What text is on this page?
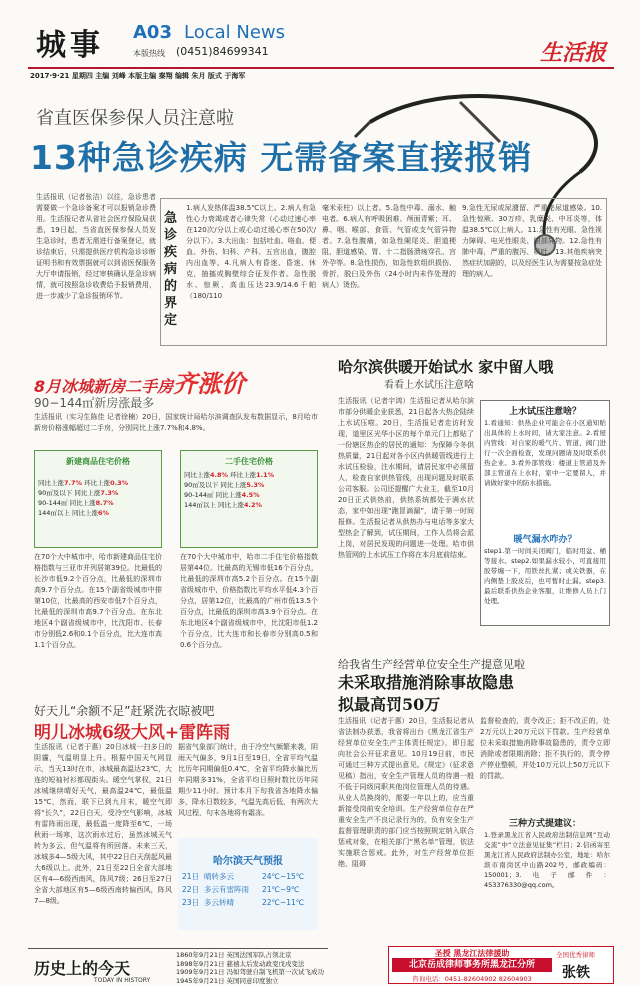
城事 A03 Local News
本版热线 (0451)84699341	生活报
2017·9·21 星期四 主编 刘峰 本版主编 秦翔 编辑 朱月 版式 于海军
省直医保参保人员注意啦
13种急诊疾病 无需备案直接报销
生活报讯（记者张洁）以往，急诊患者需要做一个急诊备案才可以报销急诊费用。生活报记者从省社会医疗保险局获悉，19日起，当省直医保参保人员发生急诊时，患者无需进行备案登记，就诊结束后，只需提供医疗机构急诊诊断证明书和有效票据就可以到省医保服务大厅申请报销，经过审核确认是急诊病情，就可按照急诊收费给予报销费用，进一步减少了急诊报销环节。
急诊疾病的界定
1.病人发热体温38.5℃以上。2.病人有急性心力衰竭或者心律失常（心动过速心率在120次/分以上或心动过缓心率在50次/分以下）。3.大出血：包括吐血、咯血、便血、外伤、妇科、产科、五官出血，腹腔内出血等。4.凡病人有昏迷、昏迷、休克，抽搐或胸壁综合征发作者。急性脱水、惊厥、高血压达23.9/14.6千帕（180/110
毫米汞柱）以上者。5.急性中毒、溺水、触电者。6.病人有呼吸困难、颅面青紫；耳、鼻、咽、喉部、食管、气管或支气管异物者。7.急性腹痛，如急性阑尾炎、胆道梗阻、胆道感染、胃、十二指肠溃疡穿孔、宫外孕等。8.急性损伤，如急性软组织损伤、骨折，脱臼及外伤（24小时内未作处理的病人）烫伤。
9.急性无尿或尿潴留、严重泌尿道感染。10.急性惊厥、30万疹、乳糜炎、中耳炎等，体温38.5℃以上病人。11.急性有光眼、急性视力障碍、电光性眼炎、眼部异物。12.急性有肺中毒，严重的腹泻、吸吐。13.其他疾病突然症状加剧的，以及经医生认为需要按急症处理的病人。
8月冰城新房二手房齐涨价
90−144㎡新房涨最多
生活报讯（实习生陈佳 记者徐楠）20日，国家统计局哈尔滨调查队发布数据显示，8月哈市新房价格涨幅超过二手房，分别同比上涨7.7%和4.8%。
新建商品住宅价格
同比上涨7.7% 环比上涨0.3%
90㎡及以下 同比上涨7.3%
90-144㎡ 同比上涨8.7%
144㎡以上 同比上涨6%
二手住宅价格
同比上涨4.8% 环比上涨1.1%
90㎡及以下 同比上涨5.3%
90-144㎡ 同比上涨4.5%
144㎡以上 同比上涨4.2%
在70个大中城市中，哈市新建商品住宅价格指数与三亚市并列居第39位。比最低的长沙市低9.2个百分点，比最低的深圳市高9.7个百分点。在15个副省级城市中排第10位，比最高的西安市低7个百分点，比最低的深圳市高9.7个百分点。在东北地区4个副省级城市中，比沈阳市、长春市分别低2.6和0.1个百分点，比大连市高1.1个百分点。
在70个大中城市中，哈市二手住宅价格指数居第44位。比最高的无锡市低16个百分点，比最低的深圳市高5.2个百分点。在15个副省级城市中，价格指数比平均水平低4.3个百分点，居第12位，比最高的广州市低13.5个百分点，比最低的深圳市高3.9个百分点。在东北地区4个副省级城市中，比沈阳市低1.2个百分点，比大连市和长春市分别高0.5和0.6个百分点。
哈尔滨供暖开始试水 家中留人哦
看看上水试压注意啥
生活报讯（记者宇鸿）生活报记者从哈尔滨市部分供暖企业获悉，21日起各大热企陆续上水试压啦。20日，生活报记者走访时发现，道里区光华小区的每个单元门上都贴了一份辖区热企的居民的通知：为保障今冬供热质量，21日起对各小区内供暖管线进行上水试压检验，注水期间，请居民家中必须留人，检查自家供热管线，出现问题及时联系公司客服。公司还提醒广大业主，截至10月20日正式供热前，供热系统都处于满水状态，家中如出现“跑冒滴漏”，请于第一时间报修。生活报记者从供热办与电话等多家大型热企了解到，试压期间，工作人员将会派上岗，对居民发现的问题进一处理。哈市供热管网的上水试压工作将在本月底前结束。
上水试压注意啥？
1.看通知：供热企业可能会在小区通知贴出具体的上水时间，请大家注意。2.看屋内管线：对自家的暖气片、管道、阀门进行一次全面检查，发现问题请及时联系供热企业。3.看外部管线：楼道主管道及外部主管道在上水时，家中一定要留人，并请做好家中的防水措施。
暖气漏水咋办？
step1.第一时间关闭阀门，临时用盆、桶等接水。step2.如果漏水较小，可直接用胶带缠一下，用铁丝扎紧；或关铁器，在内侧垫上胶皮后，也可暂时止漏。step3.最后联系供热企业客服，让维修人员上门处理。
好天儿“余额不足”赶紧洗衣晾被吧
明儿冰城6级大风+雷阵雨
生活报讯（记者于惠）20日冰城一扫多日的阴霾，气温明显上升。根据中国天气网显示，当天13时在市，冰城最高温达23℃，大连的短袖衬衫都现街头。暖空气掌权，21日冰城继续晴好天气，最高温24℃，最低温15℃，然而，联下已到九月末，暖空气即将“长久”，22日白天，受冷空气影响，冰城有雷阵雨出现，最低温一度降至6℃，一场秋雨一场寒，这次雨水过后，虽然冰城天气转为多云，但气温将有所回落。未来三天，冰城多4—5级大风，其中22日白天刮起风最大6级以上。此外，21日至22日全省大部地区有4—6级西南风，阵风7级；26日至27日全省大部地区有5—6级西南转偏西风，阵风7—8级。
据省气象部门统计，由于冷空气频繁来袭，阴雨天气偏多，9月1日至19日，全省平均气温比历年同期偏低0.4℃，全省平均降水偏比历年同期多31%，全省平均日照时数比历年同期少11小时。预计本月下旬我省各地降水偏多，降水日数较多，气温先高后低，有两次大风过程，句末各地将有霜冻。
哈尔滨天气预报
21日 晴转多云	24℃~15℃
22日 多云有雷阵雨 21℃~9℃
23日 多云转晴	22℃~11℃
给我省生产经营单位安全生产提意见啦
未采取措施消除事故隐患
拟最高罚50万
生活报讯（记者于惠）20日，生活报记者从省法制办获悉，我省将出台《黑龙江省生产经营单位安全生产主体责任规定》，即日起向社会公开征求意见。10月19日前，市民可通过三种方式提出意见。《规定》（征求意见稿）指出，安全生产管理人员的待遇一般不低于同级同职其他岗位管理人员的待遇。从业人员换岗的，需要一年以上的，应当重新接受岗前安全培训。生产经营单位存在严重安全生产不良记录行为的，负有安全生产监督管理职责的部门应当按照规定纳入联合惩戒对象，在相关部门“黑名单”管理，依法实施联合惩戒。此外，对生产经营单位拒绝、阻碍
监督检查的，责令改正；拒不改正的，处2万元以上20万元以下罚款。生产经营单位未采取措施消除事故隐患的，责令立即消除或者限期消除；拒不执行的，责令停产停业整顿，并处10万元以上50万元以下的罚款。
三种方式提建议：
1.登录黑龙江省人民政府法制信息网“互动交流”中“立法意见征集”栏目；2.信函寄至黑龙江省人民政府法制办公室，地址：哈尔滨市南岗区中山路202号，邮政编码：150001；3.电子邮件：453376330@qq.com。
历史上的今天
TODAY IN HISTORY
1860年9月21日 英国法国军队占领北京
1898年9月21日 慈禧太后发动政变戊戌变法
1909年9月21日 冯如驾驶自制飞机第一次试飞成功
1945年9月21日 英国同意印度独立
圣授 黑龙江法律援助
北京岳成律师事务所黑龙江分所
咨询电话：0451-82604902 82604903
全国优秀律师
张铁
